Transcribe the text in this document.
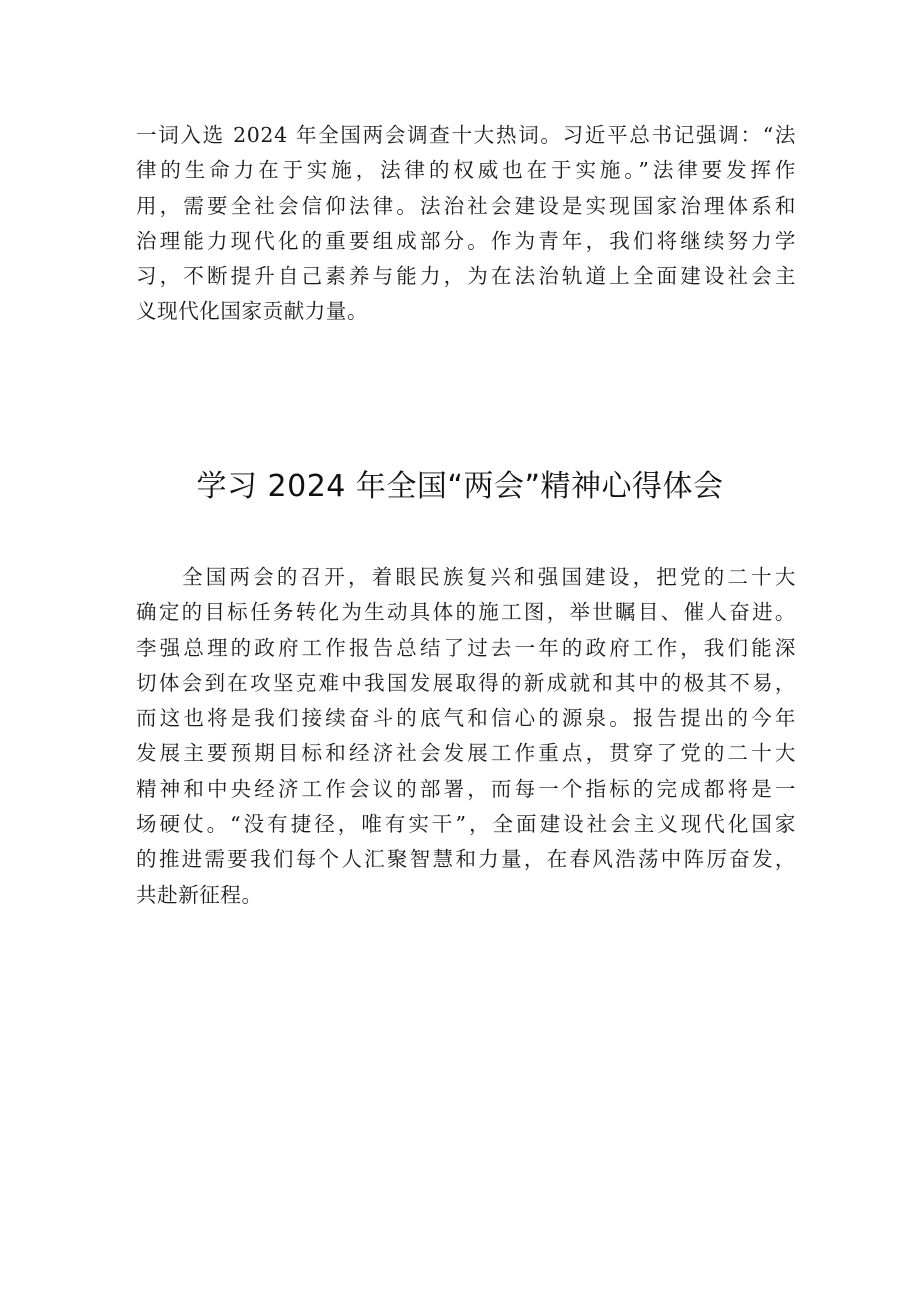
一词入选 2024 年全国两会调查十大热词。习近平总书记强调：“法
律的生命力在于实施，法律的权威也在于实施。”法律要发挥作
用，需要全社会信仰法律。法治社会建设是实现国家治理体系和
治理能力现代化的重要组成部分。作为青年，我们将继续努力学
习，不断提升自己素养与能力，为在法治轨道上全面建设社会主
义现代化国家贡献力量。

学习 2024 年全国“两会”精神心得体会

全国两会的召开，着眼民族复兴和强国建设，把党的二十大
确定的目标任务转化为生动具体的施工图，举世瞩目、催人奋进。
李强总理的政府工作报告总结了过去一年的政府工作，我们能深
切体会到在攻坚克难中我国发展取得的新成就和其中的极其不易，
而这也将是我们接续奋斗的底气和信心的源泉。报告提出的今年
发展主要预期目标和经济社会发展工作重点，贯穿了党的二十大
精神和中央经济工作会议的部署，而每一个指标的完成都将是一
场硬仗。“没有捷径，唯有实干”，全面建设社会主义现代化国家
的推进需要我们每个人汇聚智慧和力量，在春风浩荡中阵厉奋发，
共赴新征程。
